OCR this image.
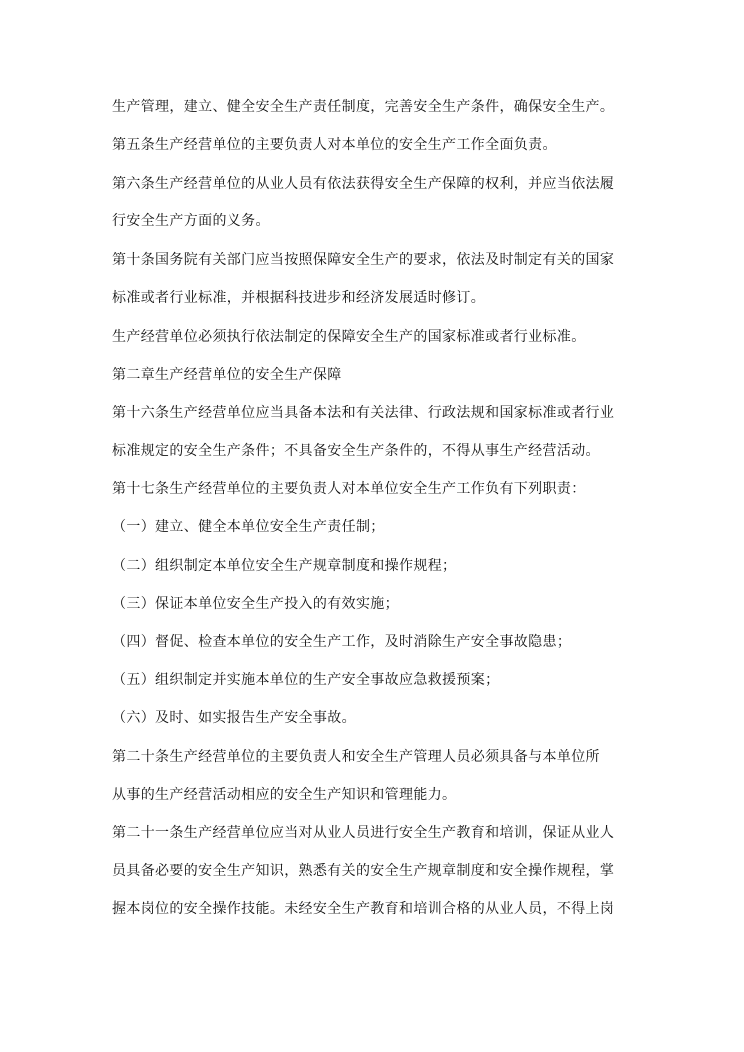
生产管理，建立、健全安全生产责任制度，完善安全生产条件，确保安全生产。

第五条生产经营单位的主要负责人对本单位的安全生产工作全面负责。

第六条生产经营单位的从业人员有依法获得安全生产保障的权利，并应当依法履

行安全生产方面的义务。

第十条国务院有关部门应当按照保障安全生产的要求，依法及时制定有关的国家

标准或者行业标准，并根据科技进步和经济发展适时修订。

生产经营单位必须执行依法制定的保障安全生产的国家标准或者行业标准。

第二章生产经营单位的安全生产保障

第十六条生产经营单位应当具备本法和有关法律、行政法规和国家标准或者行业

标准规定的安全生产条件；不具备安全生产条件的，不得从事生产经营活动。

第十七条生产经营单位的主要负责人对本单位安全生产工作负有下列职责：

（一）建立、健全本单位安全生产责任制；

（二）组织制定本单位安全生产规章制度和操作规程；

（三）保证本单位安全生产投入的有效实施；

（四）督促、检查本单位的安全生产工作，及时消除生产安全事故隐患；

（五）组织制定并实施本单位的生产安全事故应急救援预案；

（六）及时、如实报告生产安全事故。

第二十条生产经营单位的主要负责人和安全生产管理人员必须具备与本单位所

从事的生产经营活动相应的安全生产知识和管理能力。

第二十一条生产经营单位应当对从业人员进行安全生产教育和培训，保证从业人

员具备必要的安全生产知识，熟悉有关的安全生产规章制度和安全操作规程，掌

握本岗位的安全操作技能。未经安全生产教育和培训合格的从业人员，不得上岗
